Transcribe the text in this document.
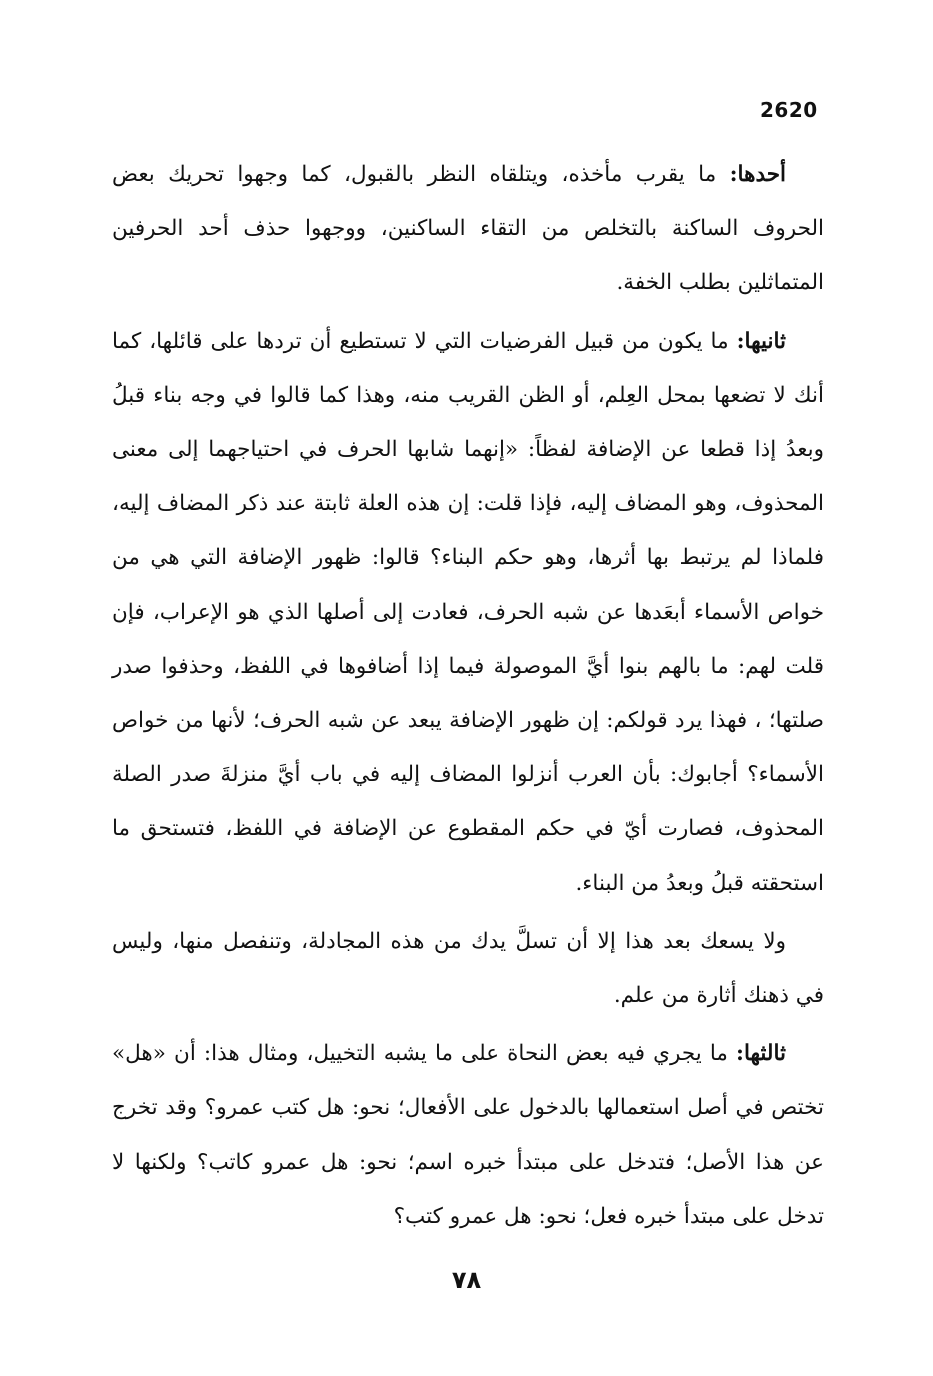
2620

أحدها: ما يقرب مأخذه، ويتلقاه النظر بالقبول، كما وجهوا تحريك بعض الحروف الساكنة بالتخلص من التقاء الساكنين، ووجهوا حذف أحد الحرفين المتماثلين بطلب الخفة.

ثانيها: ما يكون من قبيل الفرضيات التي لا تستطيع أن تردها على قائلها، كما أنك لا تضعها بمحل العِلم، أو الظن القريب منه، وهذا كما قالوا في وجه بناء قبلُ وبعدُ إذا قطعا عن الإضافة لفظاً: «إنهما شابها الحرف في احتياجهما إلى معنى المحذوف، وهو المضاف إليه، فإذا قلت: إن هذه العلة ثابتة عند ذكر المضاف إليه، فلماذا لم يرتبط بها أثرها، وهو حكم البناء؟ قالوا: ظهور الإضافة التي هي من خواص الأسماء أبعَدها عن شبه الحرف، فعادت إلى أصلها الذي هو الإعراب، فإن قلت لهم: ما بالهم بنوا أيَّ الموصولة فيما إذا أضافوها في اللفظ، وحذفوا صدر صلتها؛ ، فهذا يرد قولكم: إن ظهور الإضافة يبعد عن شبه الحرف؛ لأنها من خواص الأسماء؟ أجابوك: بأن العرب أنزلوا المضاف إليه في باب أيَّ منزلةَ صدر الصلة المحذوف، فصارت أيّ في حكم المقطوع عن الإضافة في اللفظ، فتستحق ما استحقته قبلُ وبعدُ من البناء.

ولا يسعك بعد هذا إلا أن تسلَّ يدك من هذه المجادلة، وتنفصل منها، وليس في ذهنك أثارة من علم.

ثالثها: ما يجري فيه بعض النحاة على ما يشبه التخييل، ومثال هذا: أن «هل» تختص في أصل استعمالها بالدخول على الأفعال؛ نحو: هل كتب عمرو؟ وقد تخرج عن هذا الأصل؛ فتدخل على مبتدأ خبره اسم؛ نحو: هل عمرو كاتب؟ ولكنها لا تدخل على مبتدأ خبره فعل؛ نحو: هل عمرو كتب؟

٧٨
